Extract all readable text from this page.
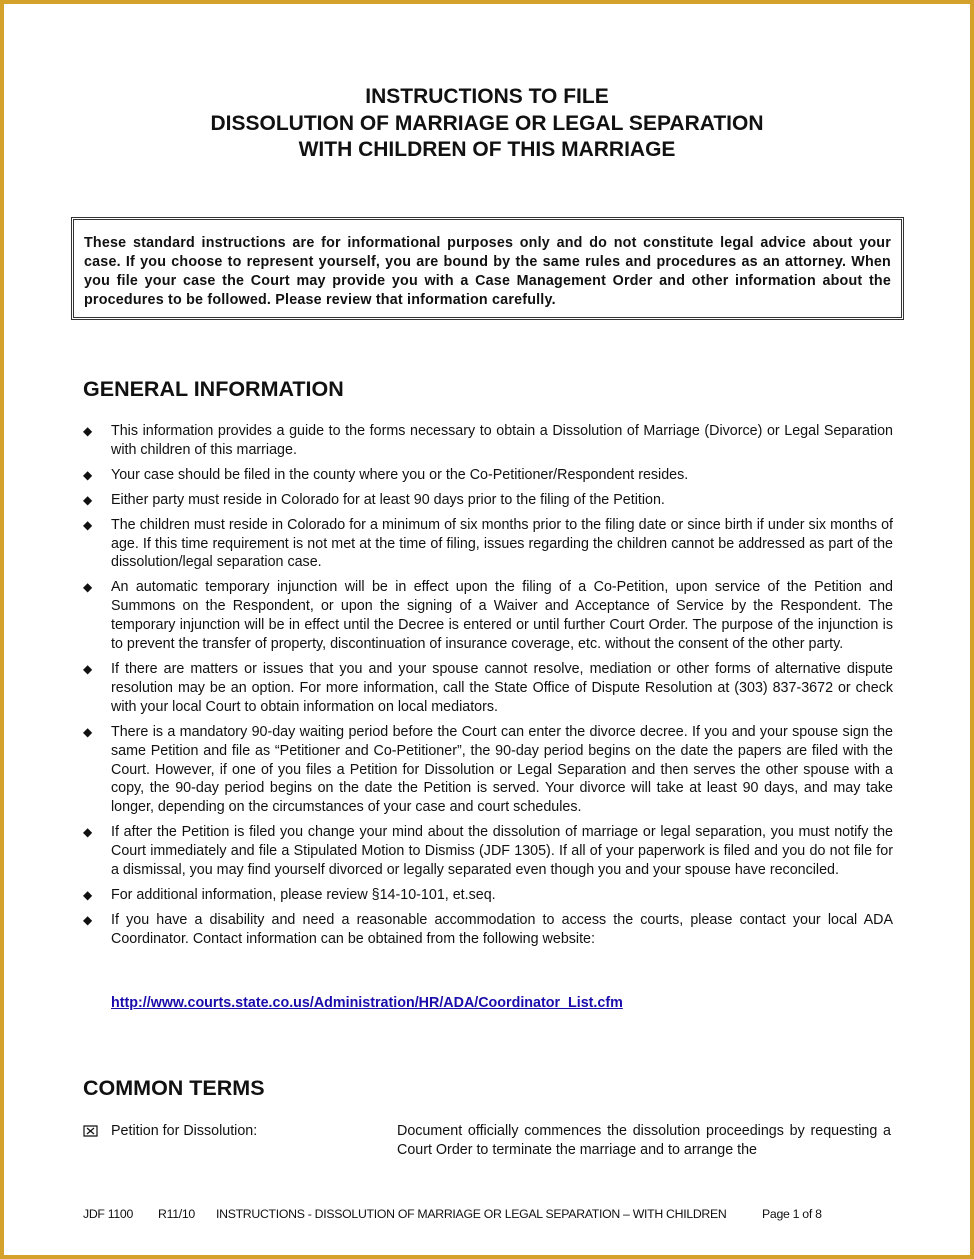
INSTRUCTIONS TO FILE
DISSOLUTION OF MARRIAGE OR LEGAL SEPARATION
WITH CHILDREN OF THIS MARRIAGE

These standard instructions are for informational purposes only and do not constitute legal advice about your case. If you choose to represent yourself, you are bound by the same rules and procedures as an attorney. When you file your case the Court may provide you with a Case Management Order and other information about the procedures to be followed. Please review that information carefully.

GENERAL INFORMATION
◆ This information provides a guide to the forms necessary to obtain a Dissolution of Marriage (Divorce) or Legal Separation with children of this marriage.
◆ Your case should be filed in the county where you or the Co-Petitioner/Respondent resides.
◆ Either party must reside in Colorado for at least 90 days prior to the filing of the Petition.
◆ The children must reside in Colorado for a minimum of six months prior to the filing date or since birth if under six months of age. If this time requirement is not met at the time of filing, issues regarding the children cannot be addressed as part of the dissolution/legal separation case.
◆ An automatic temporary injunction will be in effect upon the filing of a Co-Petition, upon service of the Petition and Summons on the Respondent, or upon the signing of a Waiver and Acceptance of Service by the Respondent. The temporary injunction will be in effect until the Decree is entered or until further Court Order. The purpose of the injunction is to prevent the transfer of property, discontinuation of insurance coverage, etc. without the consent of the other party.
◆ If there are matters or issues that you and your spouse cannot resolve, mediation or other forms of alternative dispute resolution may be an option. For more information, call the State Office of Dispute Resolution at (303) 837-3672 or check with your local Court to obtain information on local mediators.
◆ There is a mandatory 90-day waiting period before the Court can enter the divorce decree. If you and your spouse sign the same Petition and file as “Petitioner and Co-Petitioner”, the 90-day period begins on the date the papers are filed with the Court. However, if one of you files a Petition for Dissolution or Legal Separation and then serves the other spouse with a copy, the 90-day period begins on the date the Petition is served. Your divorce will take at least 90 days, and may take longer, depending on the circumstances of your case and court schedules.
◆ If after the Petition is filed you change your mind about the dissolution of marriage or legal separation, you must notify the Court immediately and file a Stipulated Motion to Dismiss (JDF 1305). If all of your paperwork is filed and you do not file for a dismissal, you may find yourself divorced or legally separated even though you and your spouse have reconciled.
◆ For additional information, please review §14-10-101, et.seq.
◆ If you have a disability and need a reasonable accommodation to access the courts, please contact your local ADA Coordinator. Contact information can be obtained from the following website:
http://www.courts.state.co.us/Administration/HR/ADA/Coordinator_List.cfm
COMMON TERMS
Petition for Dissolution:	Document officially commences the dissolution proceedings by requesting a Court Order to terminate the marriage and to arrange the
JDF 1100 R11/10 INSTRUCTIONS - DISSOLUTION OF MARRIAGE OR LEGAL SEPARATION – WITH CHILDREN	Page 1 of 8
